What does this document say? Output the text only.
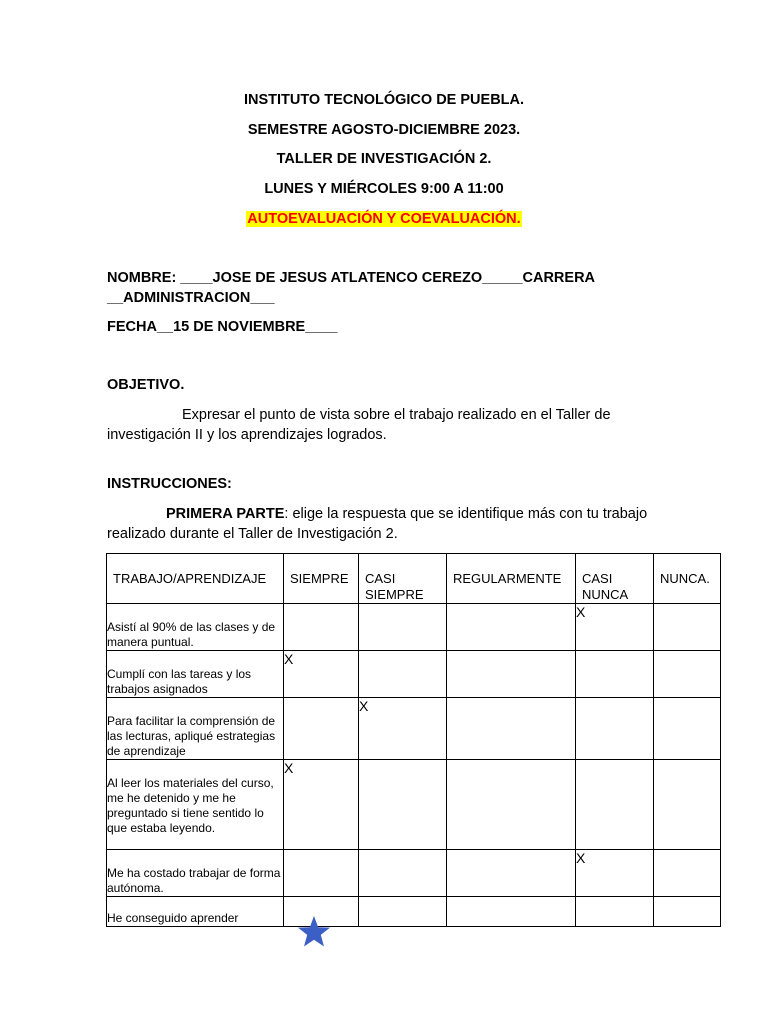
INSTITUTO TECNOLÓGICO DE PUEBLA.
SEMESTRE AGOSTO-DICIEMBRE 2023.
TALLER DE INVESTIGACIÓN 2.
LUNES Y MIÉRCOLES 9:00 A 11:00
AUTOEVALUACIÓN Y COEVALUACIÓN.
NOMBRE: ____JOSE DE JESUS ATLATENCO CEREZO_____CARRERA
__ADMINISTRACION___
FECHA__15 DE NOVIEMBRE____
OBJETIVO.
Expresar el punto de vista sobre el trabajo realizado en el Taller de investigación II y los aprendizajes logrados.
INSTRUCCIONES:
PRIMERA PARTE: elige la respuesta que se identifique más con tu trabajo realizado durante el Taller de Investigación 2.
TRABAJO/APRENDIZAJE	SIEMPRE	CASI SIEMPRE	REGULARMENTE	CASI NUNCA	NUNCA.

Asistí al 90% de las clases y de manera puntual.				X	

Cumplí con las tareas y los trabajos asignados	X				

Para facilitar la comprensión de las lecturas, apliqué estrategias de aprendizaje		X			

Al leer los materiales del curso, me he detenido y me he preguntado si tiene sentido lo que estaba leyendo.	X				

Me ha costado trabajar de forma autónoma.				X	

He conseguido aprender					
